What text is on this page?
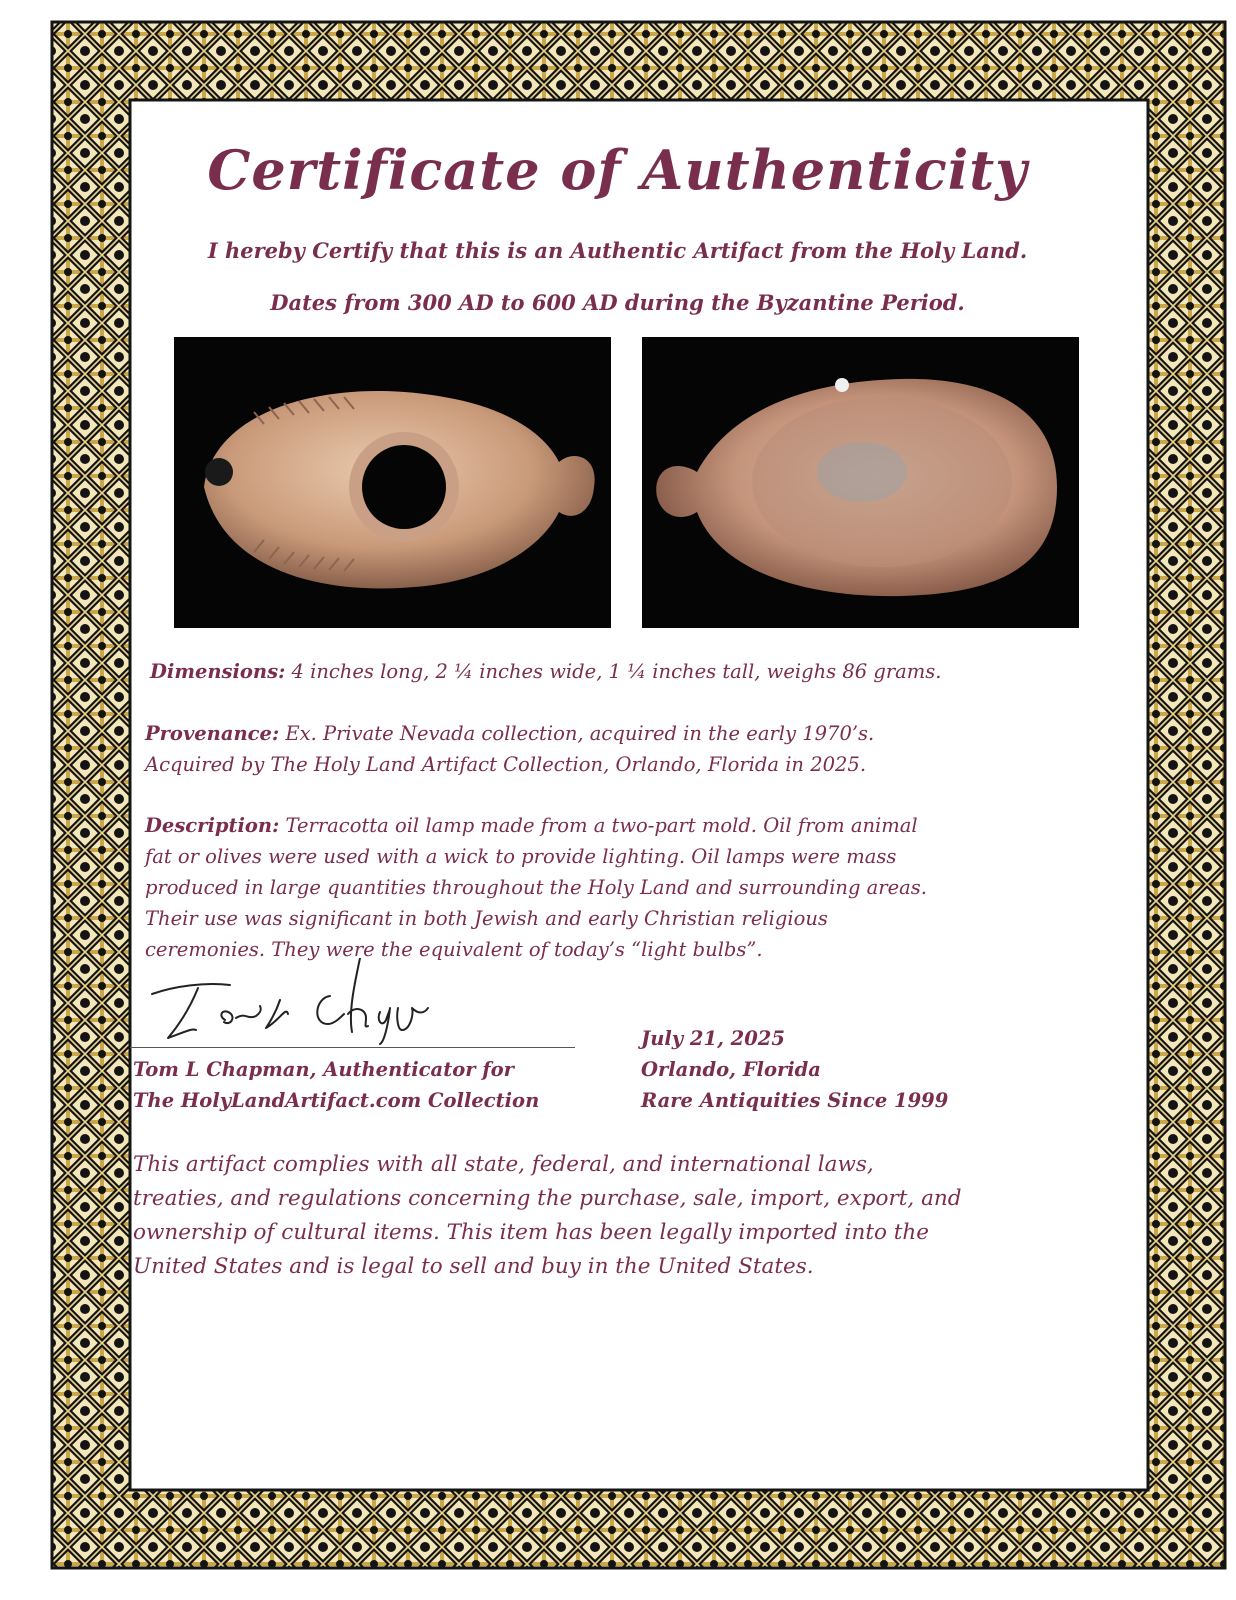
Certificate of Authenticity
I hereby Certify that this is an Authentic Artifact from the Holy Land.
Dates from 300 AD to 600 AD during the Byzantine Period.
Dimensions: 4 inches long, 2 ¼ inches wide, 1 ¼ inches tall, weighs 86 grams.
Provenance: Ex. Private Nevada collection, acquired in the early 1970’s.
Acquired by The Holy Land Artifact Collection, Orlando, Florida in 2025.
Description: Terracotta oil lamp made from a two-part mold. Oil from animal
fat or olives were used with a wick to provide lighting. Oil lamps were mass
produced in large quantities throughout the Holy Land and surrounding areas.
Their use was significant in both Jewish and early Christian religious
ceremonies. They were the equivalent of today’s “light bulbs”.
Tom L Chapman, Authenticator for
The HolyLandArtifact.com Collection
July 21, 2025
Orlando, Florida
Rare Antiquities Since 1999
This artifact complies with all state, federal, and international laws,
treaties, and regulations concerning the purchase, sale, import, export, and
ownership of cultural items. This item has been legally imported into the
United States and is legal to sell and buy in the United States.
